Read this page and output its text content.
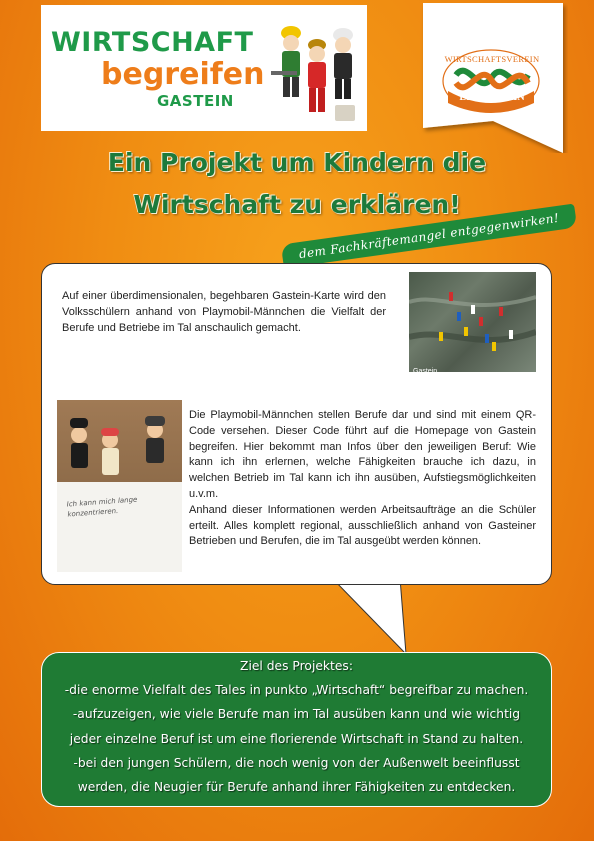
WIRTSCHAFT
begreifen
GASTEIN
WIRTSCHAFTSVEREIN
EIN GASTEIN
Ein Projekt um Kindern die
Wirtschaft zu erklären!
dem Fachkräftemangel entgegenwirken!
Auf einer überdimensionalen, begehbaren Gastein-Karte wird den Volksschülern anhand von Playmobil-Männchen die Vielfalt der Berufe und Betriebe im Tal anschaulich gemacht.
Gastein
Ich kann mich lange konzentrieren.

Die Playmobil-Männchen stellen Berufe dar und sind mit einem QR-Code versehen. Dieser Code führt auf die Homepage von Gastein begreifen. Hier bekommt man Infos über den jeweiligen Beruf: Wie kann ich ihn erlernen, welche Fähigkeiten brauche ich dazu, in welchen Betrieb im Tal kann ich ihn ausüben, Aufstiegsmöglichkeiten u.v.m.

Anhand dieser Informationen werden Arbeitsaufträge an die Schüler erteilt. Alles komplett regional, ausschließlich anhand von Gasteiner Betrieben und Berufen, die im Tal ausgeübt werden können.

Ziel des Projektes:
-die enorme Vielfalt des Tales in punkto „Wirtschaft“ begreifbar zu machen.
-aufzuzeigen, wie viele Berufe man im Tal ausüben kann und wie wichtig
jeder einzelne Beruf ist um eine florierende Wirtschaft in Stand zu halten.
-bei den jungen Schülern, die noch wenig von der Außenwelt beeinflusst
werden, die Neugier für Berufe anhand ihrer Fähigkeiten zu entdecken.
